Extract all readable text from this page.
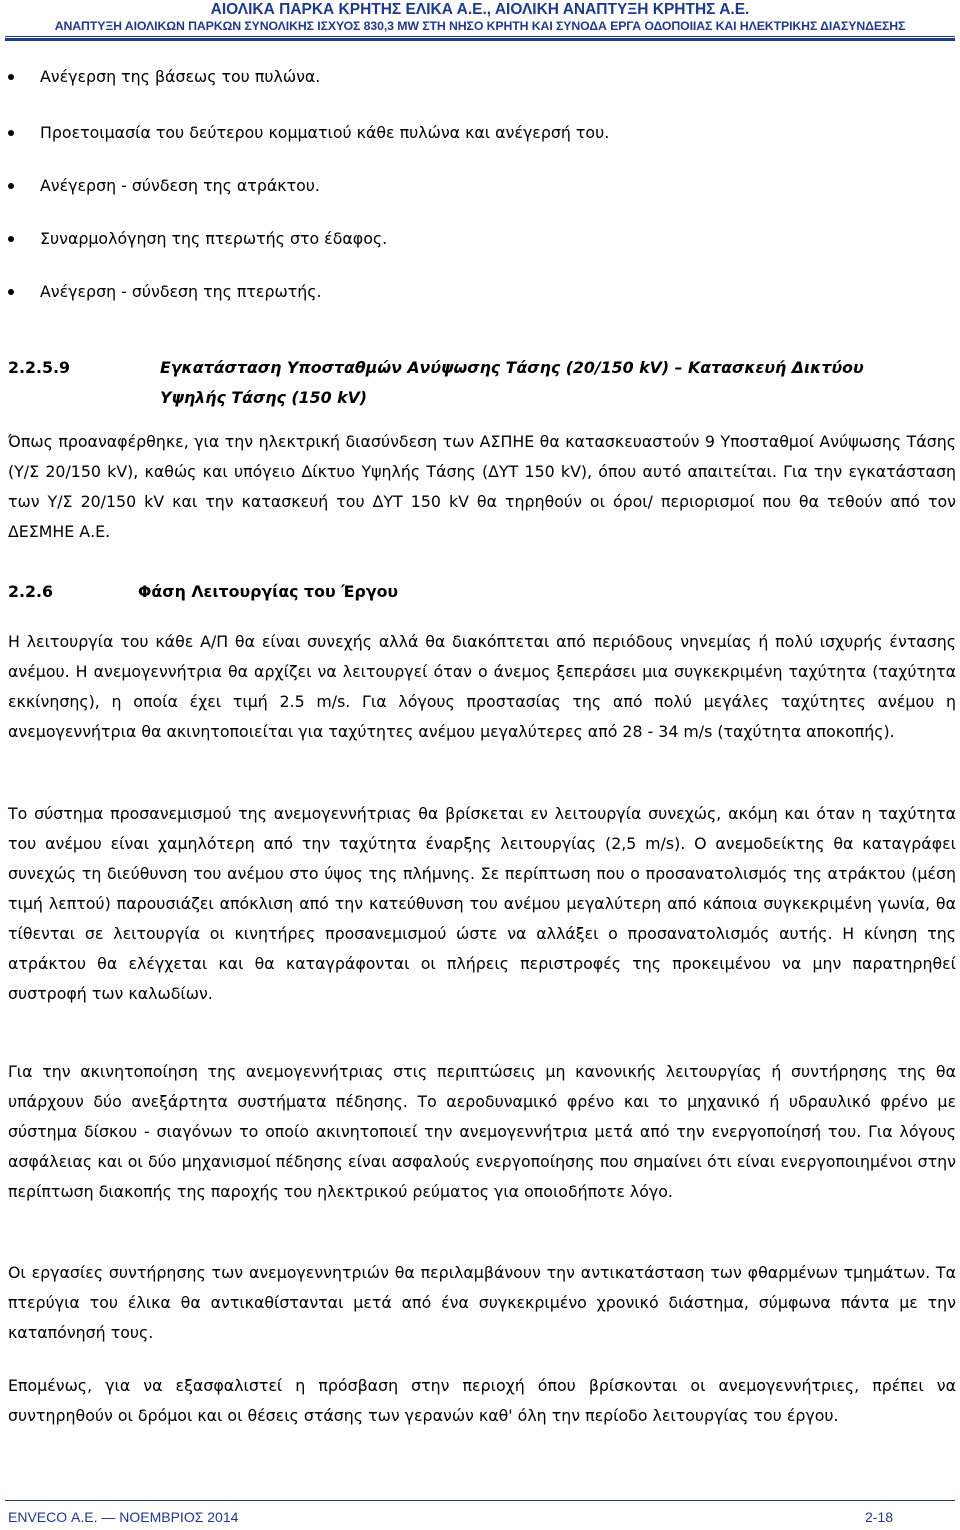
ΑΙΟΛΙΚΑ ΠΑΡΚΑ ΚΡΗΤΗΣ ΕΛΙΚΑ Α.Ε., ΑΙΟΛΙΚΗ ΑΝΑΠΤΥΞΗ ΚΡΗΤΗΣ Α.Ε.
ΑΝΑΠΤΥΞΗ ΑΙΟΛΙΚΩΝ ΠΑΡΚΩΝ ΣΥΝΟΛΙΚΗΣ ΙΣΧΥΟΣ 830,3 MW ΣΤΗ ΝΗΣΟ ΚΡΗΤΗ ΚΑΙ ΣΥΝΟΔΑ ΕΡΓΑ ΟΔΟΠΟΙΙΑΣ ΚΑΙ ΗΛΕΚΤΡΙΚΗΣ ΔΙΑΣΥΝΔΕΣΗΣ
Ανέγερση της βάσεως του πυλώνα.
Προετοιμασία του δεύτερου κομματιού κάθε πυλώνα και ανέγερσή του.
Ανέγερση - σύνδεση της ατράκτου.
Συναρμολόγηση της πτερωτής στο έδαφος.
Ανέγερση - σύνδεση της πτερωτής.
2.2.5.9	Εγκατάσταση Υποσταθμών Ανύψωσης Τάσης (20/150 kV) – Κατασκευή Δικτύου
Υψηλής Τάσης (150 kV)

Όπως προαναφέρθηκε, για την ηλεκτρική διασύνδεση των ΑΣΠΗΕ θα κατασκευαστούν 9 Υποσταθμοί Ανύψωσης Τάσης (Υ/Σ 20/150 kV), καθώς και υπόγειο Δίκτυο Υψηλής Τάσης (ΔΥΤ 150 kV), όπου αυτό απαιτείται. Για την εγκατάσταση των Υ/Σ 20/150 kV και την κατασκευή του ΔΥΤ 150 kV θα τηρηθούν οι όροι/ περιορισμοί που θα τεθούν από τον ΔΕΣΜΗΕ Α.Ε.

2.2.6	Φάση Λειτουργίας του Έργου

Η λειτουργία του κάθε Α/Π θα είναι συνεχής αλλά θα διακόπτεται από περιόδους νηνεμίας ή πολύ ισχυρής έντασης ανέμου. Η ανεμογεννήτρια θα αρχίζει να λειτουργεί όταν ο άνεμος ξεπεράσει μια συγκεκριμένη ταχύτητα (ταχύτητα εκκίνησης), η οποία έχει τιμή 2.5 m/s. Για λόγους προστασίας της από πολύ μεγάλες ταχύτητες ανέμου η ανεμογεννήτρια θα ακινητοποιείται για ταχύτητες ανέμου μεγαλύτερες από 28 - 34 m/s (ταχύτητα αποκοπής).

Το σύστημα προσανεμισμού της ανεμογεννήτριας θα βρίσκεται εν λειτουργία συνεχώς, ακόμη και όταν η ταχύτητα του ανέμου είναι χαμηλότερη από την ταχύτητα έναρξης λειτουργίας (2,5 m/s). Ο ανεμοδείκτης θα καταγράφει συνεχώς τη διεύθυνση του ανέμου στο ύψος της πλήμνης. Σε περίπτωση που ο προσανατολισμός της ατράκτου (μέση τιμή λεπτού) παρουσιάζει απόκλιση από την κατεύθυνση του ανέμου μεγαλύτερη από κάποια συγκεκριμένη γωνία, θα τίθενται σε λειτουργία οι κινητήρες προσανεμισμού ώστε να αλλάξει ο προσανατολισμός αυτής. Η κίνηση της ατράκτου θα ελέγχεται και θα καταγράφονται οι πλήρεις περιστροφές της προκειμένου να μην παρατηρηθεί συστροφή των καλωδίων.

Για την ακινητοποίηση της ανεμογεννήτριας στις περιπτώσεις μη κανονικής λειτουργίας ή συντήρησης της θα υπάρχουν δύο ανεξάρτητα συστήματα πέδησης. Το αεροδυναμικό φρένο και το μηχανικό ή υδραυλικό φρένο με σύστημα δίσκου - σιαγόνων το οποίο ακινητοποιεί την ανεμογεννήτρια μετά από την ενεργοποίησή του. Για λόγους ασφάλειας και οι δύο μηχανισμοί πέδησης είναι ασφαλούς ενεργοποίησης που σημαίνει ότι είναι ενεργοποιημένοι στην περίπτωση διακοπής της παροχής του ηλεκτρικού ρεύματος για οποιοδήποτε λόγο.

Οι εργασίες συντήρησης των ανεμογεννητριών θα περιλαμβάνουν την αντικατάσταση των φθαρμένων τμημάτων. Τα πτερύγια του έλικα θα αντικαθίστανται μετά από ένα συγκεκριμένο χρονικό διάστημα, σύμφωνα πάντα με την καταπόνησή τους.

Επομένως, για να εξασφαλιστεί η πρόσβαση στην περιοχή όπου βρίσκονται οι ανεμογεννήτριες, πρέπει να συντηρηθούν οι δρόμοι και οι θέσεις στάσης των γερανών καθ' όλη την περίοδο λειτουργίας του έργου.

ENVECO Α.Ε. — ΝΟΕΜΒΡΙΟΣ 2014	2-18
